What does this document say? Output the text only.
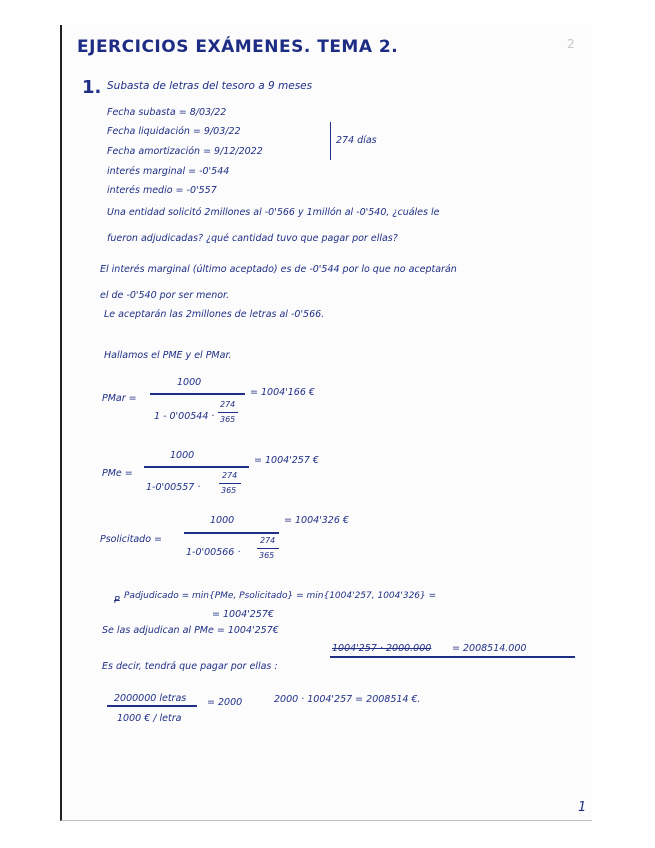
EJERCICIOS EXÁMENES. TEMA 2.	2
1. Subasta de letras del tesoro a 9 meses
Fecha subasta = 8/03/22
Fecha liquidación = 9/03/22
274 días
Fecha amortización = 9/12/2022
interés marginal = -0'544
interés medio = -0'557
Una entidad solicitó 2millones al -0'566 y 1millón al -0'540, ¿cuáles le
fueron adjudicadas? ¿qué cantidad tuvo que pagar por ellas?
El interés marginal (último aceptado) es de -0'544 por lo que no aceptarán
el de -0'540 por ser menor.
Le aceptarán las 2millones de letras al -0'566.
Hallamos el PME y el PMar.
PMar =
1000
1 - 0'00544 ·
274
365
= 1004'166 €
PMe =
1000
1-0'00557 ·
274
365
= 1004'257 €
Psolicitado =
1000
1-0'00566 ·
274
365
= 1004'326 €
P Padjudicado = min{PMe, Psolicitado} = min{1004'257, 1004'326} =
= 1004'257€
Se las adjudican al PMe = 1004'257€
Es decir, tendrá que pagar por ellas :
1004'257 · 2000.000 = 2008514.000
2000000 letras
1000 € / letra
= 2000	2000 · 1004'257 = 2008514 €.
1
